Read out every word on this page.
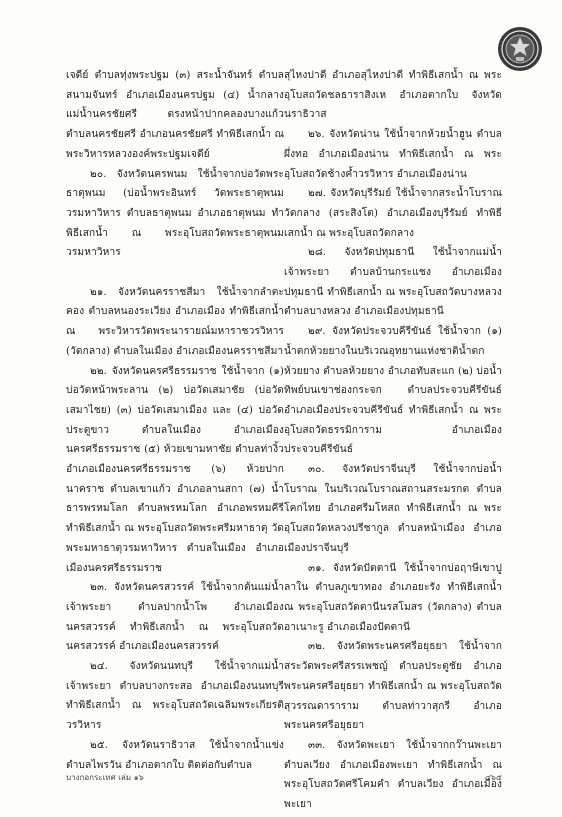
เจดีย์ ตำบลทุ่งพระปฐม (๓) สระน้ำจันทร์ ตำบลสนามจันทร์ อำเภอเมืองนครปฐม (๔) น้ำกลางแม่น้ำนครชัยศรี ตรงหน้าปากคลองบางแก้ว ตำบลนครชัยศรี อำเภอนครชัยศรี ทำพิธีเสกน้ำ ณ พระวิหารหลวงองค์พระปฐมเจดีย์

๒๐. จังหวัดนครพนม ใช้น้ำจากบ่อวัดพระธาตุพนม (บ่อน้ำพระอินทร์ วัดพระธาตุพนม วรมหาวิหาร ตำบลธาตุพนม อำเภอธาตุพนม ทำพิธีเสกน้ำ ณ พระอุโบสถวัดพระธาตุพนม วรมหาวิหาร

๒๑. จังหวัดนครราชสีมา ใช้น้ำจากลำตะคอง ตำบลหนองระเวียง อำเภอเมือง ทำพิธีเสกน้ำ ณ พระวิหารวัดพระนารายณ์มหาราชวรวิหาร (วัดกลาง) ตำบลในเมือง อำเภอเมืองนครราชสีมา

๒๒. จังหวัดนครศรีธรรมราช ใช้น้ำจาก (๑) บ่อวัดหน้าพระลาน (๒) บ่อวัดเสมาชัย (บ่อวัดเสมาไชย) (๓) บ่อวัดเสมาเมือง และ (๔) บ่อวัดประตูขาว ตำบลในเมือง อำเภอเมืองนครศรีธรรมราช (๕) ห้วยเขามหาชัย ตำบลท่างิ้ว อำเภอเมืองนครศรีธรรมราช (๖) ห้วยปากนาคราช ตำบลเขาแก้ว อำเภอลานสกา (๗) น้ำธารพรหมโลก ตำบลพรหมโลก อำเภอพรหมคีรี ทำพิธีเสกน้ำ ณ พระอุโบสถวัดพระศรีมหาธาตุ วัดพระมหาธาตุวรมหาวิหาร ตำบลในเมือง อำเภอเมืองนครศรีธรรมราช

๒๓. จังหวัดนครสวรรค์ ใช้น้ำจากต้นแม่น้ำเจ้าพระยา ตำบลปากน้ำโพ อำเภอเมืองนครสวรรค์ ทำพิธีเสกน้ำ ณ พระอุโบสถวัดนครสวรรค์ อำเภอเมืองนครสวรรค์

๒๔. จังหวัดนนทบุรี ใช้น้ำจากแม่น้ำเจ้าพระยา ตำบลบางกระสอ อำเภอเมืองนนทบุรี ทำพิธีเสกน้ำ ณ พระอุโบสถวัดเฉลิมพระเกียรติวรวิหาร

๒๕. จังหวัดนราธิวาส ใช้น้ำจากน้ำแข่งตำบลไพรวัน อำเภอตากใบ ติดต่อกับตำบล

สุไหงปาดี อำเภอสุไหงปาดี ทำพิธีเสกน้ำ ณ พระอุโบสถวัดชลธาราสิงเห อำเภอตากใบ จังหวัดนราธิวาส

๒๖. จังหวัดน่าน ใช้น้ำจากห้วยน้ำฮูน ตำบลผึ่งทอ อำเภอเมืองน่าน ทำพิธีเสกน้ำ ณ พระอุโบสถวัดช้างค้ำวรวิหาร อำเภอเมืองน่าน

๒๗. จังหวัดบุรีรัมย์ ใช้น้ำจากสระน้ำโบราณวัดกลาง (สระสิงโต) อำเภอเมืองบุรีรัมย์ ทำพิธีเสกน้ำ ณ พระอุโบสถวัดกลาง

๒๘. จังหวัดปทุมธานี ใช้น้ำจากแม่น้ำเจ้าพระยา ตำบลบ้านกระแชง อำเภอเมืองปทุมธานี ทำพิธีเสกน้ำ ณ พระอุโบสถวัดบางหลวง ตำบลบางหลวง อำเภอเมืองปทุมธานี

๒๙. จังหวัดประจวบคีรีขันธ์ ใช้น้ำจาก (๑) น้ำตกห้วยยางในบริเวณอุทยานแห่งชาติน้ำตกห้วยยาง ตำบลห้วยยาง อำเภอทับสะแก (๒) บ่อน้ำทิพย์บนเขาช่องกระจก ตำบลประจวบคีรีขันธ์ อำเภอเมืองประจวบคีรีขันธ์ ทำพิธีเสกน้ำ ณ พระอุโบสถวัดธรรมิการาม อำเภอเมืองประจวบคีรีขันธ์

๓๐. จังหวัดปราจีนบุรี ใช้น้ำจากบ่อน้ำโบราณ ในบริเวณโบราณสถานสระมรกต ตำบลโคกไทย อำเภอศรีมโหสถ ทำพิธีเสกน้ำ ณ พระอุโบสถวัดหลวงปรีชากูล ตำบลหน้าเมือง อำเภอเมืองปราจีนบุรี

๓๑. จังหวัดปัตตานี ใช้น้ำจากบ่อฤาษีเขาปูลาใน ตำบลภูเขาทอง อำเภอยะรัง ทำพิธีเสกน้ำ ณ พระอุโบสถวัดตานีนรสโมสร (วัดกลาง) ตำบลอาเนาะรู อำเภอเมืองปัตตานี

๓๒. จังหวัดพระนครศรีอยุธยา ใช้น้ำจากสระวัดพระศรีสรรเพชญ์ ตำบลประตูชัย อำเภอพระนครศรีอยุธยา ทำพิธีเสกน้ำ ณ พระอุโบสถวัดสุวรรณดาราราม ตำบลท่าวาสุกรี อำเภอพระนครศรีอยุธยา

๓๓. จังหวัดพะเยา ใช้น้ำจากกว๊านพะเยา ตำบลเวียง อำเภอเมืองพะเยา ทำพิธีเสกน้ำ ณ พระอุโบสถวัดศรีโคมคำ ตำบลเวียง อำเภอเมืองพะเยา

บางกอกระเทศ เล่ม ๑๖	๔๖๕
